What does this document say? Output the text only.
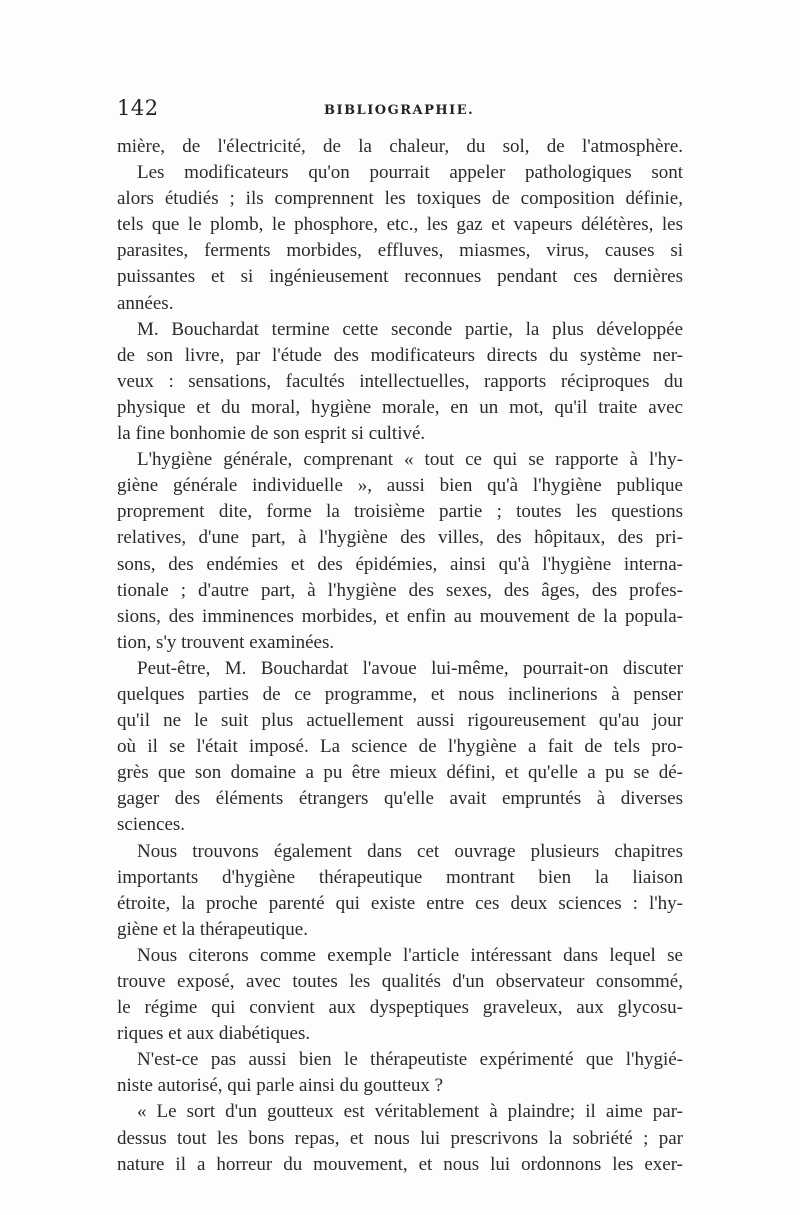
142	BIBLIOGRAPHIE.
mière, de l'électricité, de la chaleur, du sol, de l'atmosphère.
Les modificateurs qu'on pourrait appeler pathologiques sont
alors étudiés ; ils comprennent les toxiques de composition définie,
tels que le plomb, le phosphore, etc., les gaz et vapeurs délétères, les
parasites, ferments morbides, effluves, miasmes, virus, causes si
puissantes et si ingénieusement reconnues pendant ces dernières
années.
M. Bouchardat termine cette seconde partie, la plus développée
de son livre, par l'étude des modificateurs directs du système ner-
veux : sensations, facultés intellectuelles, rapports réciproques du
physique et du moral, hygiène morale, en un mot, qu'il traite avec
la fine bonhomie de son esprit si cultivé.
L'hygiène générale, comprenant « tout ce qui se rapporte à l'hy-
giène générale individuelle », aussi bien qu'à l'hygiène publique
proprement dite, forme la troisième partie ; toutes les questions
relatives, d'une part, à l'hygiène des villes, des hôpitaux, des pri-
sons, des endémies et des épidémies, ainsi qu'à l'hygiène interna-
tionale ; d'autre part, à l'hygiène des sexes, des âges, des profes-
sions, des imminences morbides, et enfin au mouvement de la popula-
tion, s'y trouvent examinées.
Peut-être, M. Bouchardat l'avoue lui-même, pourrait-on discuter
quelques parties de ce programme, et nous inclinerions à penser
qu'il ne le suit plus actuellement aussi rigoureusement qu'au jour
où il se l'était imposé. La science de l'hygiène a fait de tels pro-
grès que son domaine a pu être mieux défini, et qu'elle a pu se dé-
gager des éléments étrangers qu'elle avait empruntés à diverses
sciences.
Nous trouvons également dans cet ouvrage plusieurs chapitres
importants d'hygiène thérapeutique montrant bien la liaison
étroite, la proche parenté qui existe entre ces deux sciences : l'hy-
giène et la thérapeutique.
Nous citerons comme exemple l'article intéressant dans lequel se
trouve exposé, avec toutes les qualités d'un observateur consommé,
le régime qui convient aux dyspeptiques graveleux, aux glycosu-
riques et aux diabétiques.
N'est-ce pas aussi bien le thérapeutiste expérimenté que l'hygié-
niste autorisé, qui parle ainsi du goutteux ?
« Le sort d'un goutteux est véritablement à plaindre; il aime par-
dessus tout les bons repas, et nous lui prescrivons la sobriété ; par
nature il a horreur du mouvement, et nous lui ordonnons les exer-
